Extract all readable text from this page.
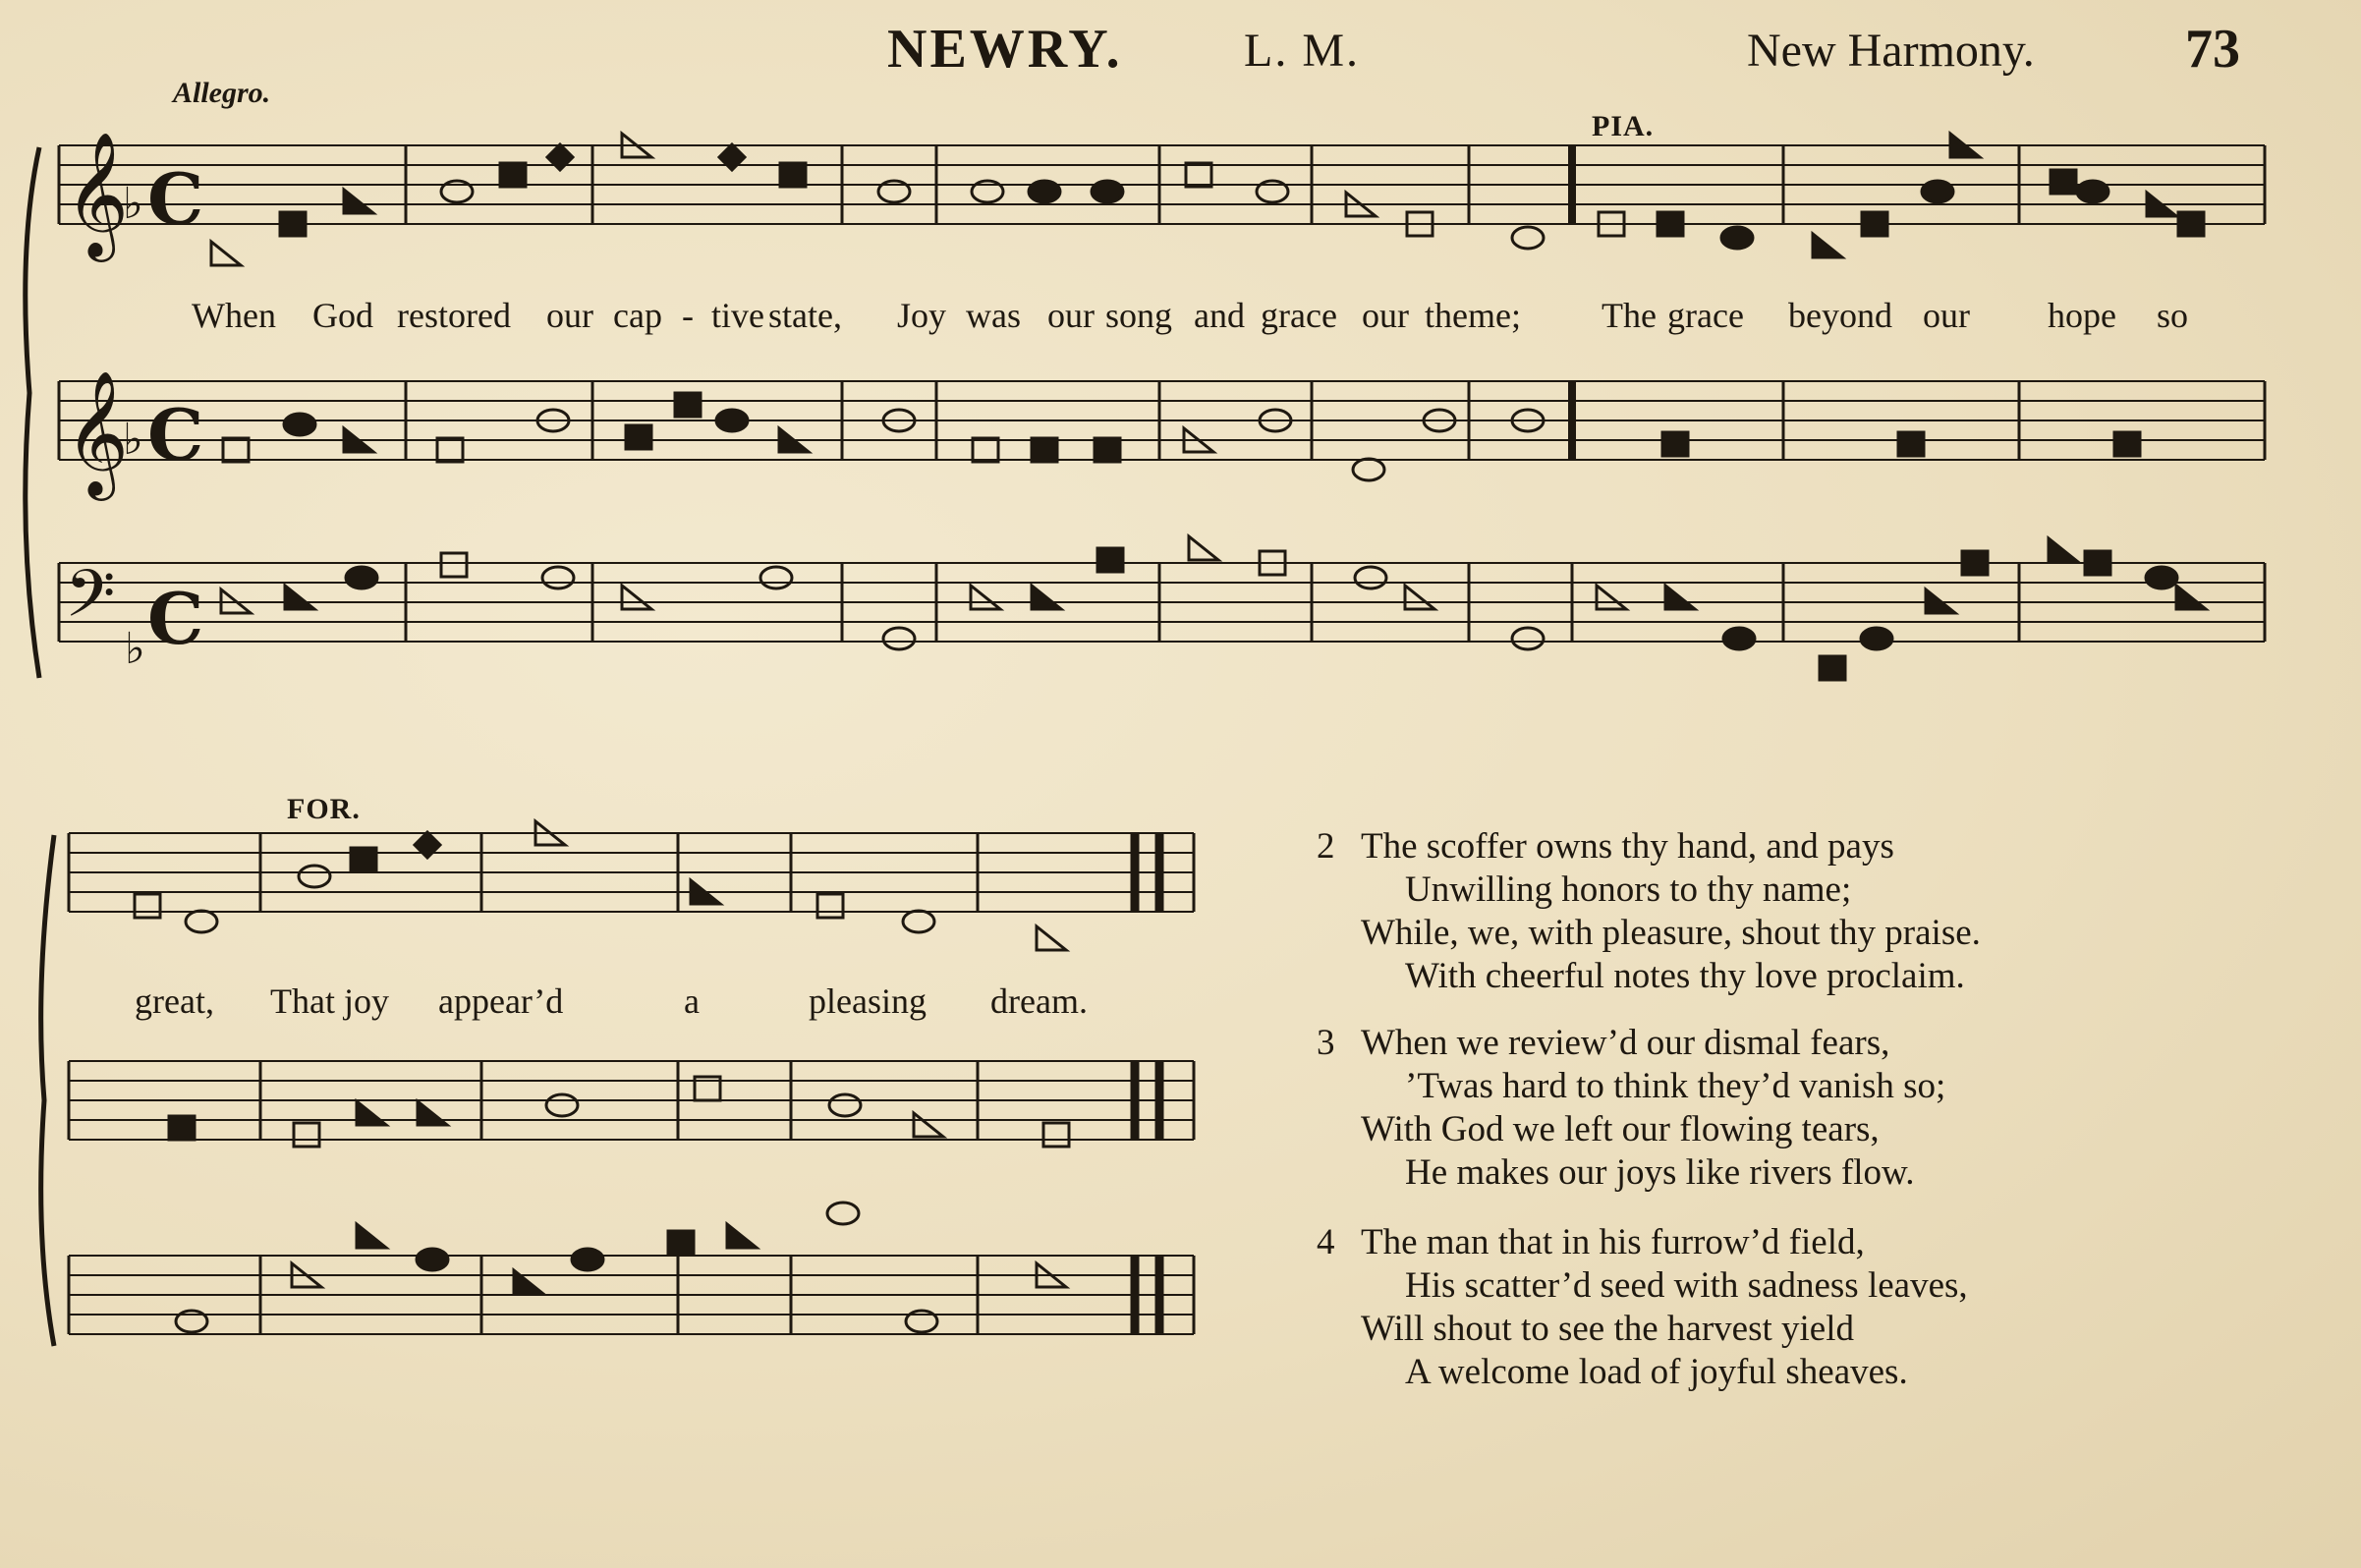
NEWRY.	L. M.	New Harmony.	73
Allegro.
PIA.
FOR.
𝄞
𝄞
𝄢
C
C
C
♭
♭
♭
When God restored our cap - tive state, Joy was our song and grace our theme; The grace beyond our hope so
great, That joy appear’d	a	pleasing dream.
2 The scoffer owns thy hand, and pays
Unwilling honors to thy name;
While, we, with pleasure, shout thy praise.
With cheerful notes thy love proclaim.
3 When we review’d our dismal fears,
’Twas hard to think they’d vanish so;
With God we left our flowing tears,
He makes our joys like rivers flow.
4 The man that in his furrow’d field,
His scatter’d seed with sadness leaves,
Will shout to see the harvest yield
A welcome load of joyful sheaves.
